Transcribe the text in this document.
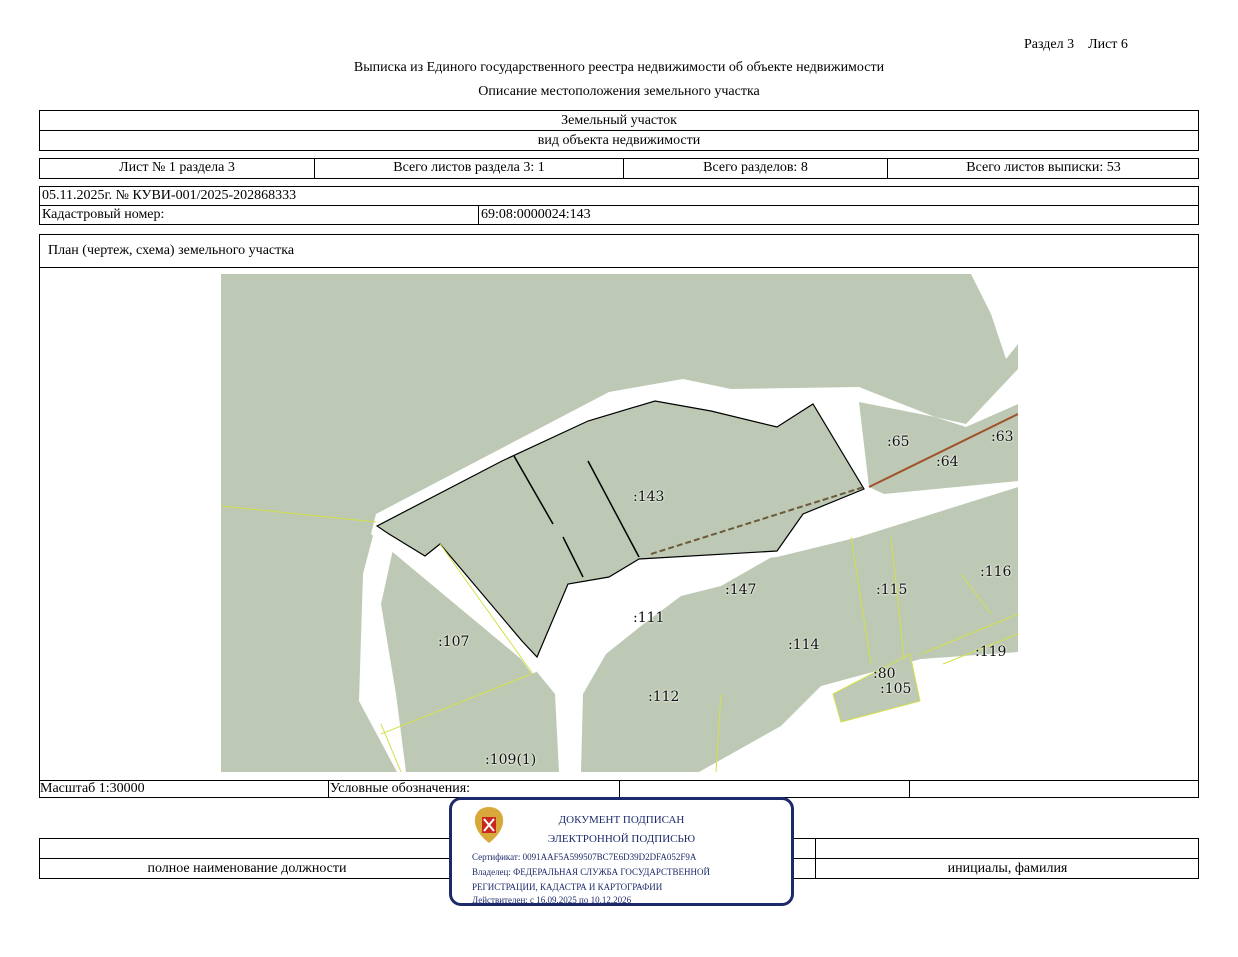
Раздел 3    Лист 6
Выписка из Единого государственного реестра недвижимости об объекте недвижимости
Описание местоположения земельного участка
Земельный участок
вид объекта недвижимости
Лист № 1 раздела 3	Всего листов раздела 3: 1	Всего разделов: 8	Всего листов выписки: 53
05.11.2025г. № КУВИ-001/2025-202868333
Кадастровый номер:	69:08:0000024:143
План (чертеж, схема) земельного участка
:143
:65
:64
:63
:147	:115
:116
:111
:107	:114	:119
:80
:105
:112
:109(1)
Масштаб 1:30000	Условные обозначения:
полное наименование должности	инициалы, фамилия
ДОКУМЕНТ ПОДПИСАН
ЭЛЕКТРОННОЙ ПОДПИСЬЮ
Сертификат: 0091AAF5A599507BC7E6D39D2DFA052F9A
Владелец: ФЕДЕРАЛЬНАЯ СЛУЖБА ГОСУДАРСТВЕННОЙ
РЕГИСТРАЦИИ, КАДАСТРА И КАРТОГРАФИИ
Действителен: с 16.09.2025 по 10.12.2026
